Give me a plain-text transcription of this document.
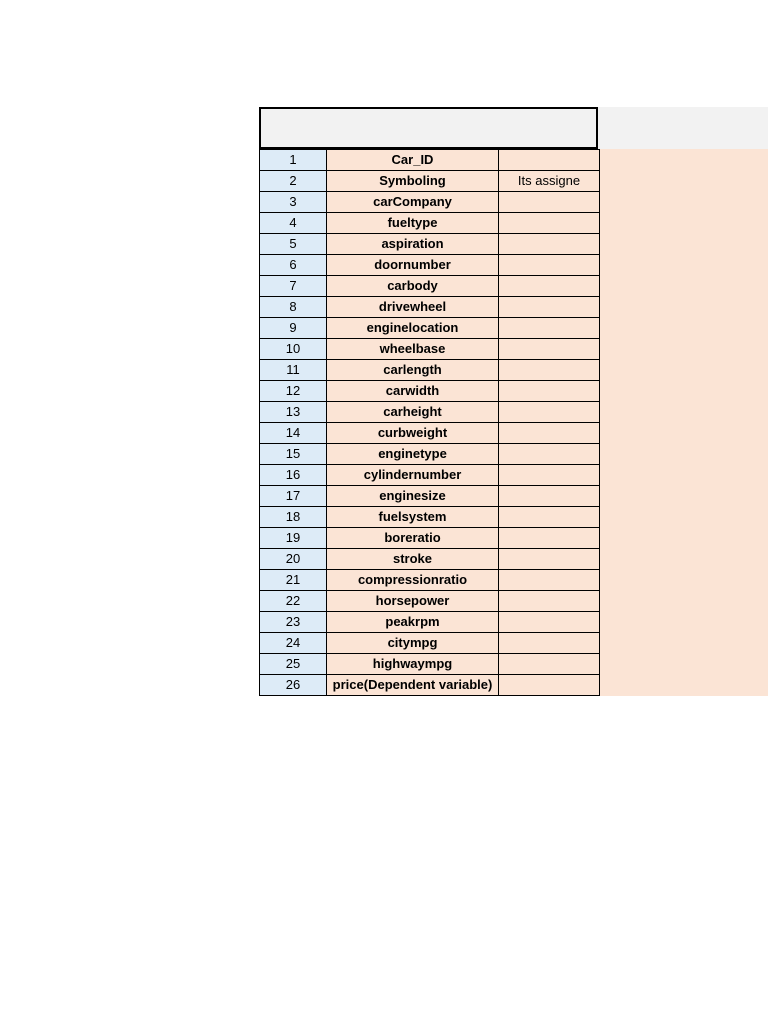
1	Car_ID	
2	Symboling	Its assigne
3	carCompany	
4	fueltype	
5	aspiration	
6	doornumber	
7	carbody	
8	drivewheel	
9	enginelocation	
10	wheelbase	
11	carlength	
12	carwidth	
13	carheight	
14	curbweight	
15	enginetype	
16	cylindernumber	
17	enginesize	
18	fuelsystem	
19	boreratio	
20	stroke	
21	compressionratio	
22	horsepower	
23	peakrpm	
24	citympg	
25	highwaympg	
26	price(Dependent variable)	
